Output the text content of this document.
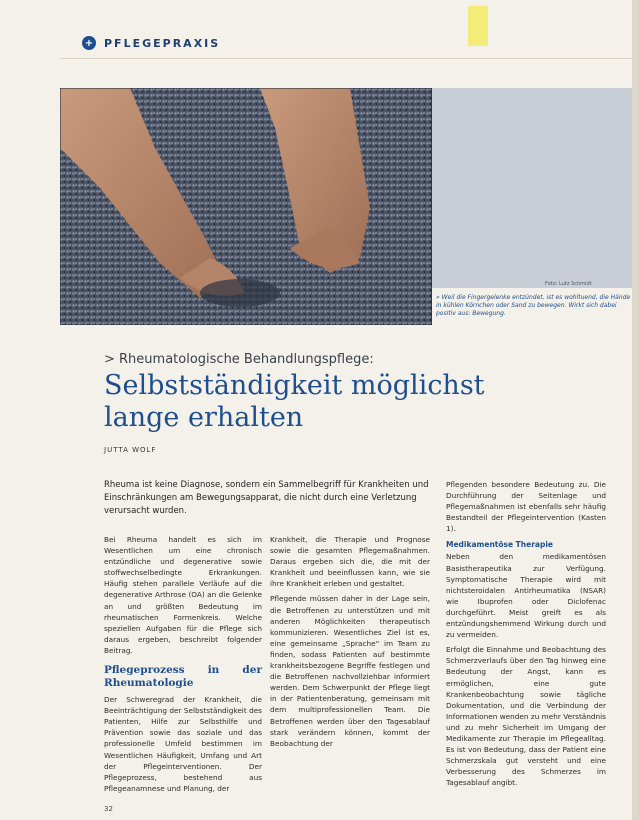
+ PFLEGEPRAXIS
Foto: Lutz Schmidt
» Weil die Fingergelenke entzündet, ist es wohltuend, die Hände in kühlen Körnchen oder Sand zu bewegen. Wirkt sich dabei positiv aus: Bewegung.
> Rheumatologische Behandlungspflege:
Selbstständigkeit möglichst lange erhalten
JUTTA WOLF
Rheuma ist keine Diagnose, sondern ein Sammelbegriff für Krankheiten und Einschränkungen am Bewegungsapparat, die nicht durch eine Verletzung verursacht wurden.

Bei Rheuma handelt es sich im Wesentlichen um eine chronisch entzündliche und degenerative sowie stoffwechselbedingte Erkrankungen. Häufig stehen parallele Verläufe auf die degenerative Arthrose (OA) an die Gelenke an und größten Bedeutung im rheumatischen Formenkreis. Welche speziellen Aufgaben für die Pflege sich daraus ergeben, beschreibt folgender Beitrag.

Pflegeprozess in der Rheumatologie

Der Schweregrad der Krankheit, die Beeinträchtigung der Selbstständigkeit des Patienten, Hilfe zur Selbsthilfe und Prävention sowie das soziale und das professionelle Umfeld bestimmen im Wesentlichen Häufigkeit, Umfang und Art der Pflegeinterventionen. Der Pflegeprozess, bestehend aus Pflegeanamnese und Planung, der

Krankheit, die Therapie und Prognose sowie die gesamten Pflegemaßnahmen. Daraus ergeben sich die, die mit der Krankheit und beeinflussen kann, wie sie ihre Krankheit erleben und gestaltet.

Pflegende müssen daher in der Lage sein, die Betroffenen zu unterstützen und mit anderen Möglichkeiten therapeutisch kommunizieren. Wesentliches Ziel ist es, eine gemeinsame „Sprache“ im Team zu finden, sodass Patienten auf bestimmte krankheitsbezogene Begriffe festlegen und die Betroffenen nachvollziehbar informiert werden. Dem Schwerpunkt der Pflege liegt in der Patientenberatung, gemeinsam mit dem multiprofessionellen Team. Die Betroffenen werden über den Tagesablauf stark verändern können, kommt der Beobachtung der

Pflegenden besondere Bedeutung zu. Die Durchführung der Seitenlage und Pflegemaßnahmen ist ebenfalls sehr häufig Bestandteil der Pflegeintervention (Kasten 1).

Medikamentöse Therapie

Neben den medikamentösen Basistherapeutika zur Verfügung. Symptomatische Therapie wird mit nichtsteroidalen Antirheumatika (NSAR) wie Ibuprofen oder Diclofenac durchgeführt. Meist greift es als entzündungshemmend Wirkung durch und zu vermeiden.

Erfolgt die Einnahme und Beobachtung des Schmerzverlaufs über den Tag hinweg eine Bedeutung der Angst, kann es ermöglichen, eine gute Krankenbeobachtung sowie tägliche Dokumentation, und die Verbindung der Informationen wenden zu mehr Verständnis und zu mehr Sicherheit im Umgang der Medikamente zur Therapie im Pflegealltag. Es ist von Bedeutung, dass der Patient eine Schmerzskala gut versteht und eine Verbesserung des Schmerzes im Tagesablauf angibt.

32
